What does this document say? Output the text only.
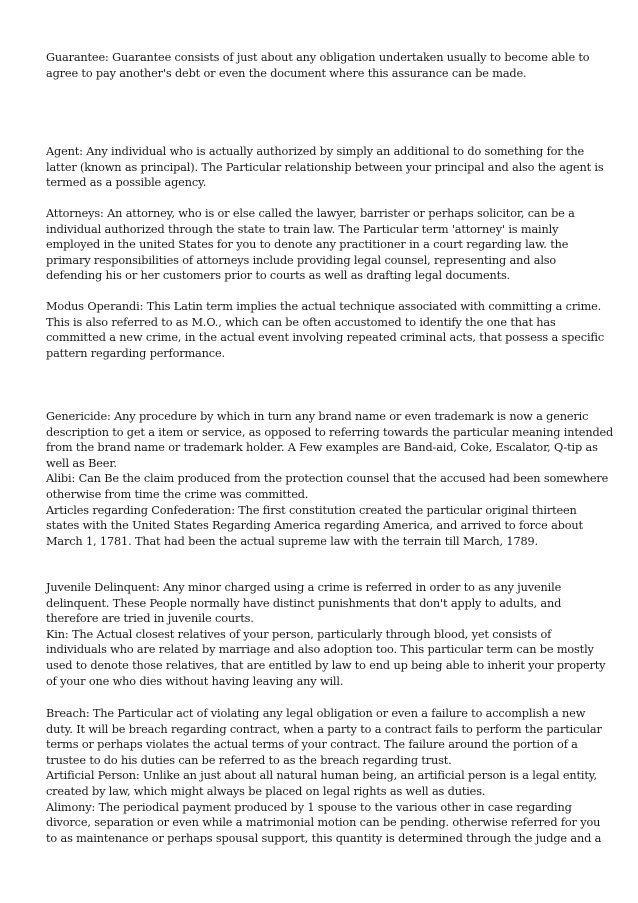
Guarantee: Guarantee consists of just about any obligation undertaken usually to become able to
agree to pay another's debt or even the document where this assurance can be made.

Agent: Any individual who is actually authorized by simply an additional to do something for the
latter (known as principal). The Particular relationship between your principal and also the agent is
termed as a possible agency.

Attorneys: An attorney, who is or else called the lawyer, barrister or perhaps solicitor, can be a
individual authorized through the state to train law. The Particular term 'attorney' is mainly
employed in the united States for you to denote any practitioner in a court regarding law. the
primary responsibilities of attorneys include providing legal counsel, representing and also
defending his or her customers prior to courts as well as drafting legal documents.

Modus Operandi: This Latin term implies the actual technique associated with committing a crime.
This is also referred to as M.O., which can be often accustomed to identify the one that has
committed a new crime, in the actual event involving repeated criminal acts, that possess a specific
pattern regarding performance.

Genericide: Any procedure by which in turn any brand name or even trademark is now a generic
description to get a item or service, as opposed to referring towards the particular meaning intended
from the brand name or trademark holder. A Few examples are Band-aid, Coke, Escalator, Q-tip as
well as Beer.
Alibi: Can Be the claim produced from the protection counsel that the accused had been somewhere
otherwise from time the crime was committed.
Articles regarding Confederation: The first constitution created the particular original thirteen
states with the United States Regarding America regarding America, and arrived to force about
March 1, 1781. That had been the actual supreme law with the terrain till March, 1789.

Juvenile Delinquent: Any minor charged using a crime is referred in order to as any juvenile
delinquent. These People normally have distinct punishments that don't apply to adults, and
therefore are tried in juvenile courts.
Kin: The Actual closest relatives of your person, particularly through blood, yet consists of
individuals who are related by marriage and also adoption too. This particular term can be mostly
used to denote those relatives, that are entitled by law to end up being able to inherit your property
of your one who dies without having leaving any will.

Breach: The Particular act of violating any legal obligation or even a failure to accomplish a new
duty. It will be breach regarding contract, when a party to a contract fails to perform the particular
terms or perhaps violates the actual terms of your contract. The failure around the portion of a
trustee to do his duties can be referred to as the breach regarding trust.
Artificial Person: Unlike an just about all natural human being, an artificial person is a legal entity,
created by law, which might always be placed on legal rights as well as duties.
Alimony: The periodical payment produced by 1 spouse to the various other in case regarding
divorce, separation or even while a matrimonial motion can be pending. otherwise referred for you
to as maintenance or perhaps spousal support, this quantity is determined through the judge and a
